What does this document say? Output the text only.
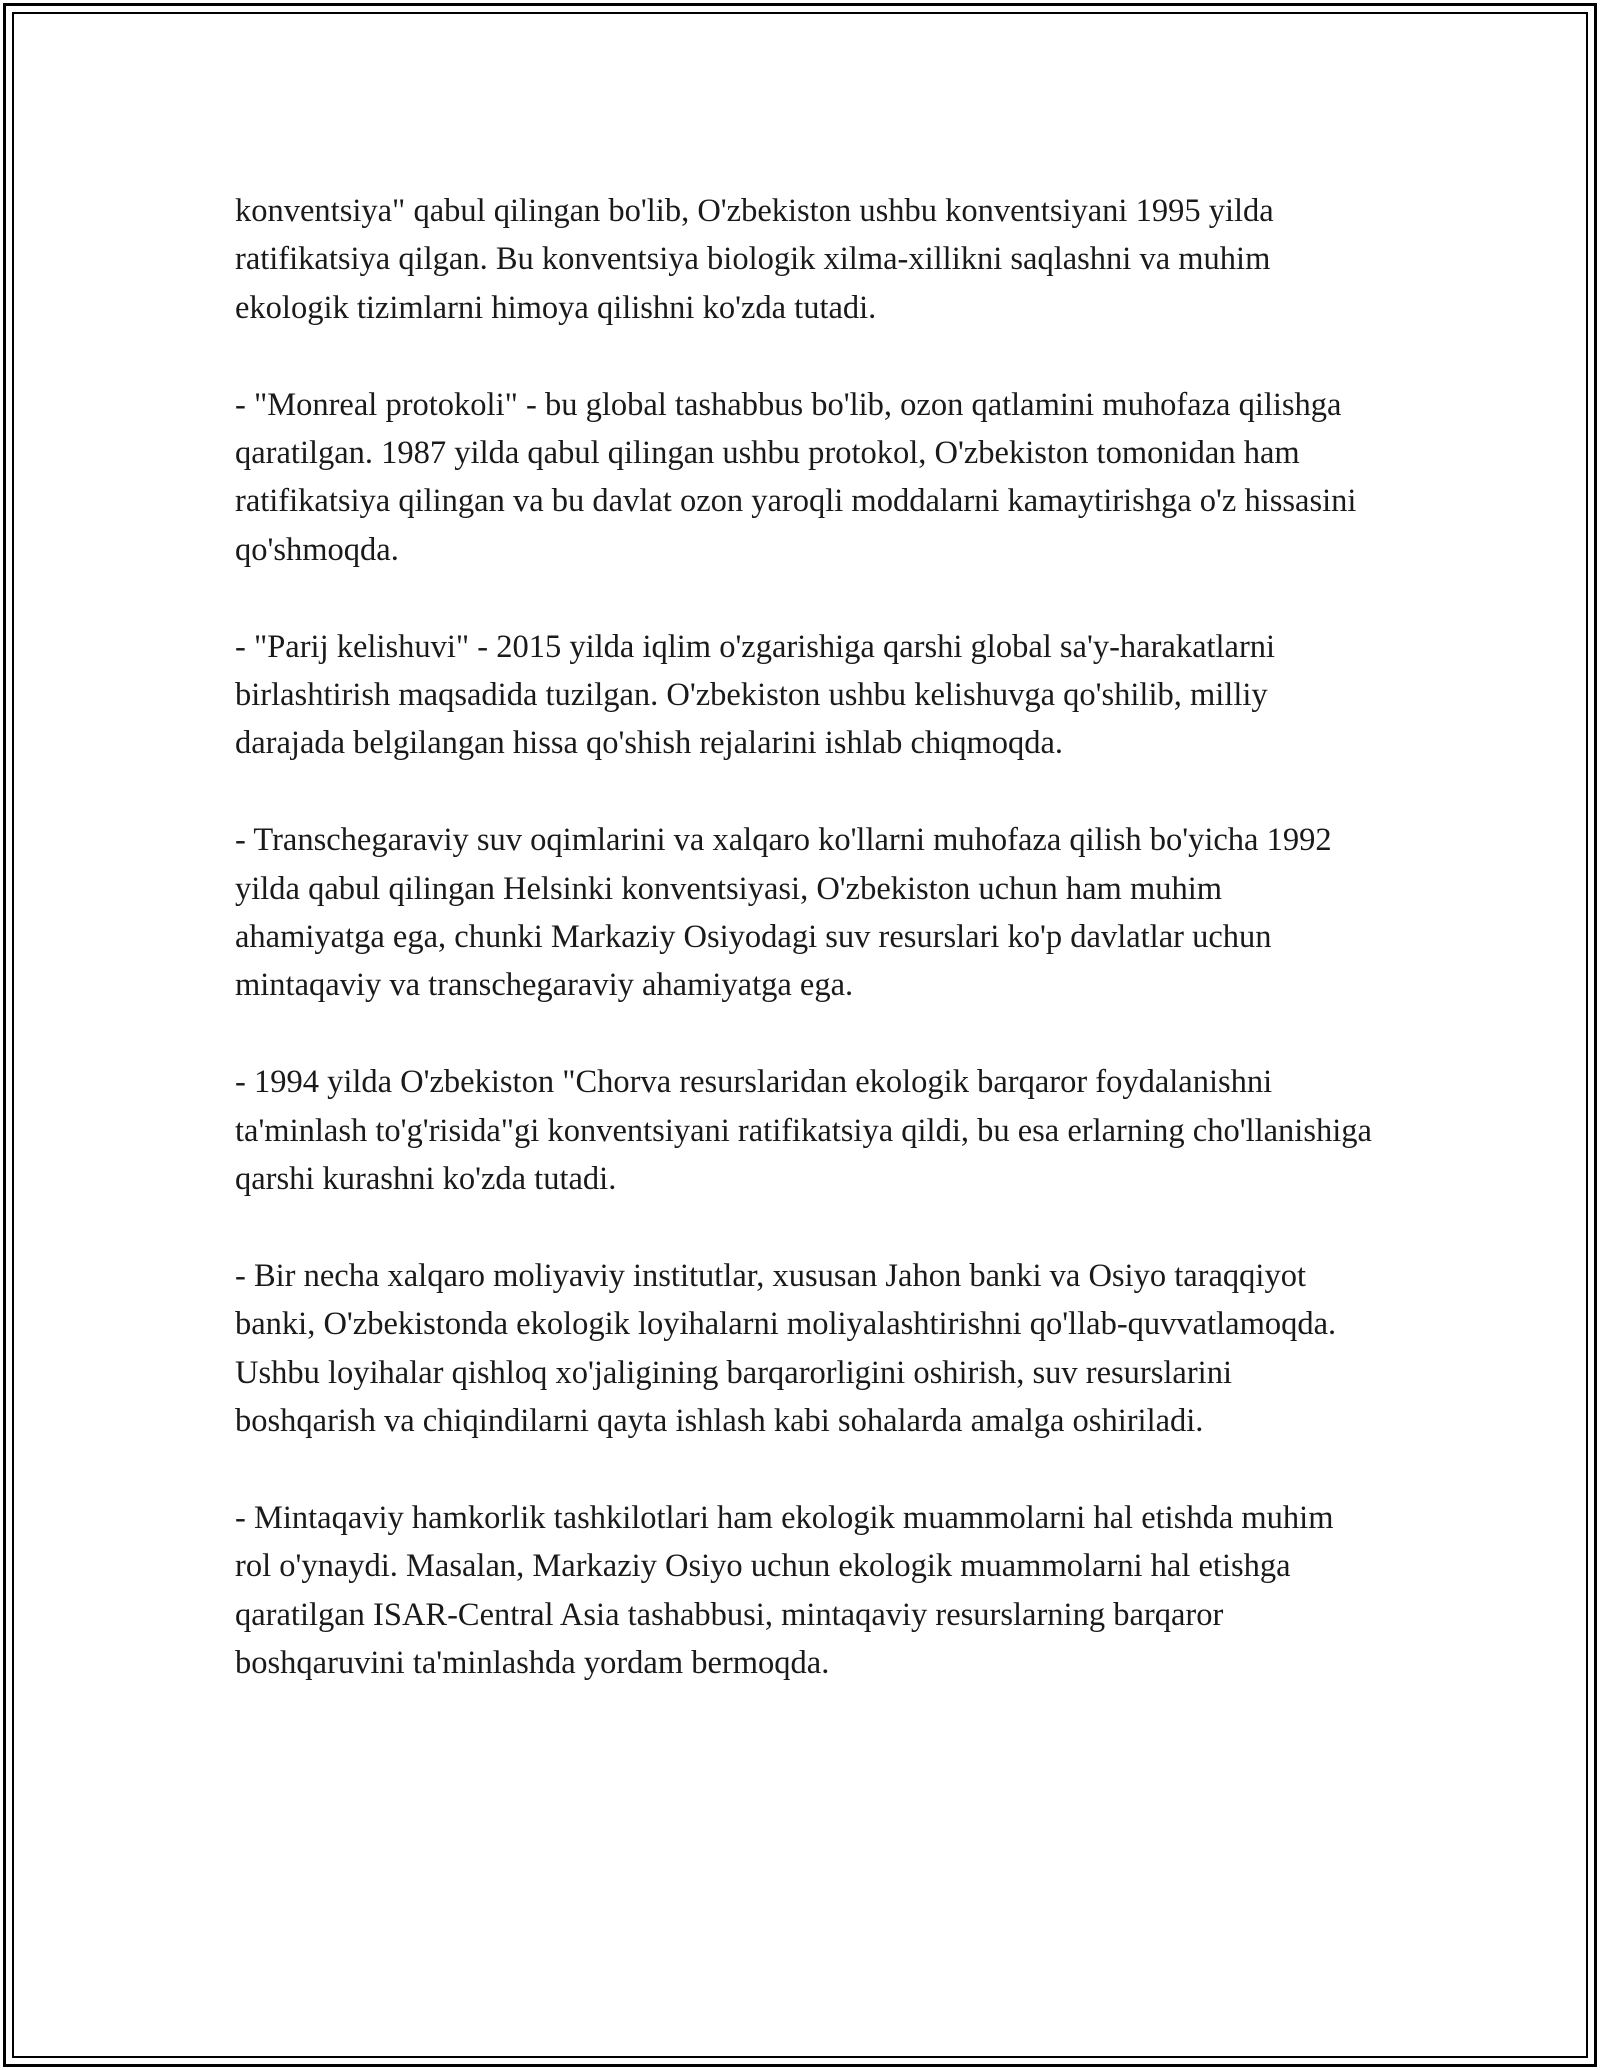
konventsiya" qabul qilingan bo'lib, O'zbekiston ushbu konventsiyani 1995 yilda ratifikatsiya qilgan. Bu konventsiya biologik xilma-xillikni saqlashni va muhim ekologik tizimlarni himoya qilishni ko'zda tutadi.

- "Monreal protokoli" - bu global tashabbus bo'lib, ozon qatlamini muhofaza qilishga qaratilgan. 1987 yilda qabul qilingan ushbu protokol, O'zbekiston tomonidan ham ratifikatsiya qilingan va bu davlat ozon yaroqli moddalarni kamaytirishga o'z hissasini qo'shmoqda.

- "Parij kelishuvi" - 2015 yilda iqlim o'zgarishiga qarshi global sa'y-harakatlarni birlashtirish maqsadida tuzilgan. O'zbekiston ushbu kelishuvga qo'shilib, milliy darajada belgilangan hissa qo'shish rejalarini ishlab chiqmoqda.

- Transchegaraviy suv oqimlarini va xalqaro ko'llarni muhofaza qilish bo'yicha 1992 yilda qabul qilingan Helsinki konventsiyasi, O'zbekiston uchun ham muhim ahamiyatga ega, chunki Markaziy Osiyodagi suv resurslari ko'p davlatlar uchun mintaqaviy va transchegaraviy ahamiyatga ega.

- 1994 yilda O'zbekiston "Chorva resurslaridan ekologik barqaror foydalanishni ta'minlash to'g'risida"gi konventsiyani ratifikatsiya qildi, bu esa erlarning cho'llanishiga qarshi kurashni ko'zda tutadi.

- Bir necha xalqaro moliyaviy institutlar, xususan Jahon banki va Osiyo taraqqiyot banki, O'zbekistonda ekologik loyihalarni moliyalashtirishni qo'llab-quvvatlamoqda. Ushbu loyihalar qishloq xo'jaligining barqarorligini oshirish, suv resurslarini boshqarish va chiqindilarni qayta ishlash kabi sohalarda amalga oshiriladi.

- Mintaqaviy hamkorlik tashkilotlari ham ekologik muammolarni hal etishda muhim rol o'ynaydi. Masalan, Markaziy Osiyo uchun ekologik muammolarni hal etishga qaratilgan ISAR-Central Asia tashabbusi, mintaqaviy resurslarning barqaror boshqaruvini ta'minlashda yordam bermoqda.
